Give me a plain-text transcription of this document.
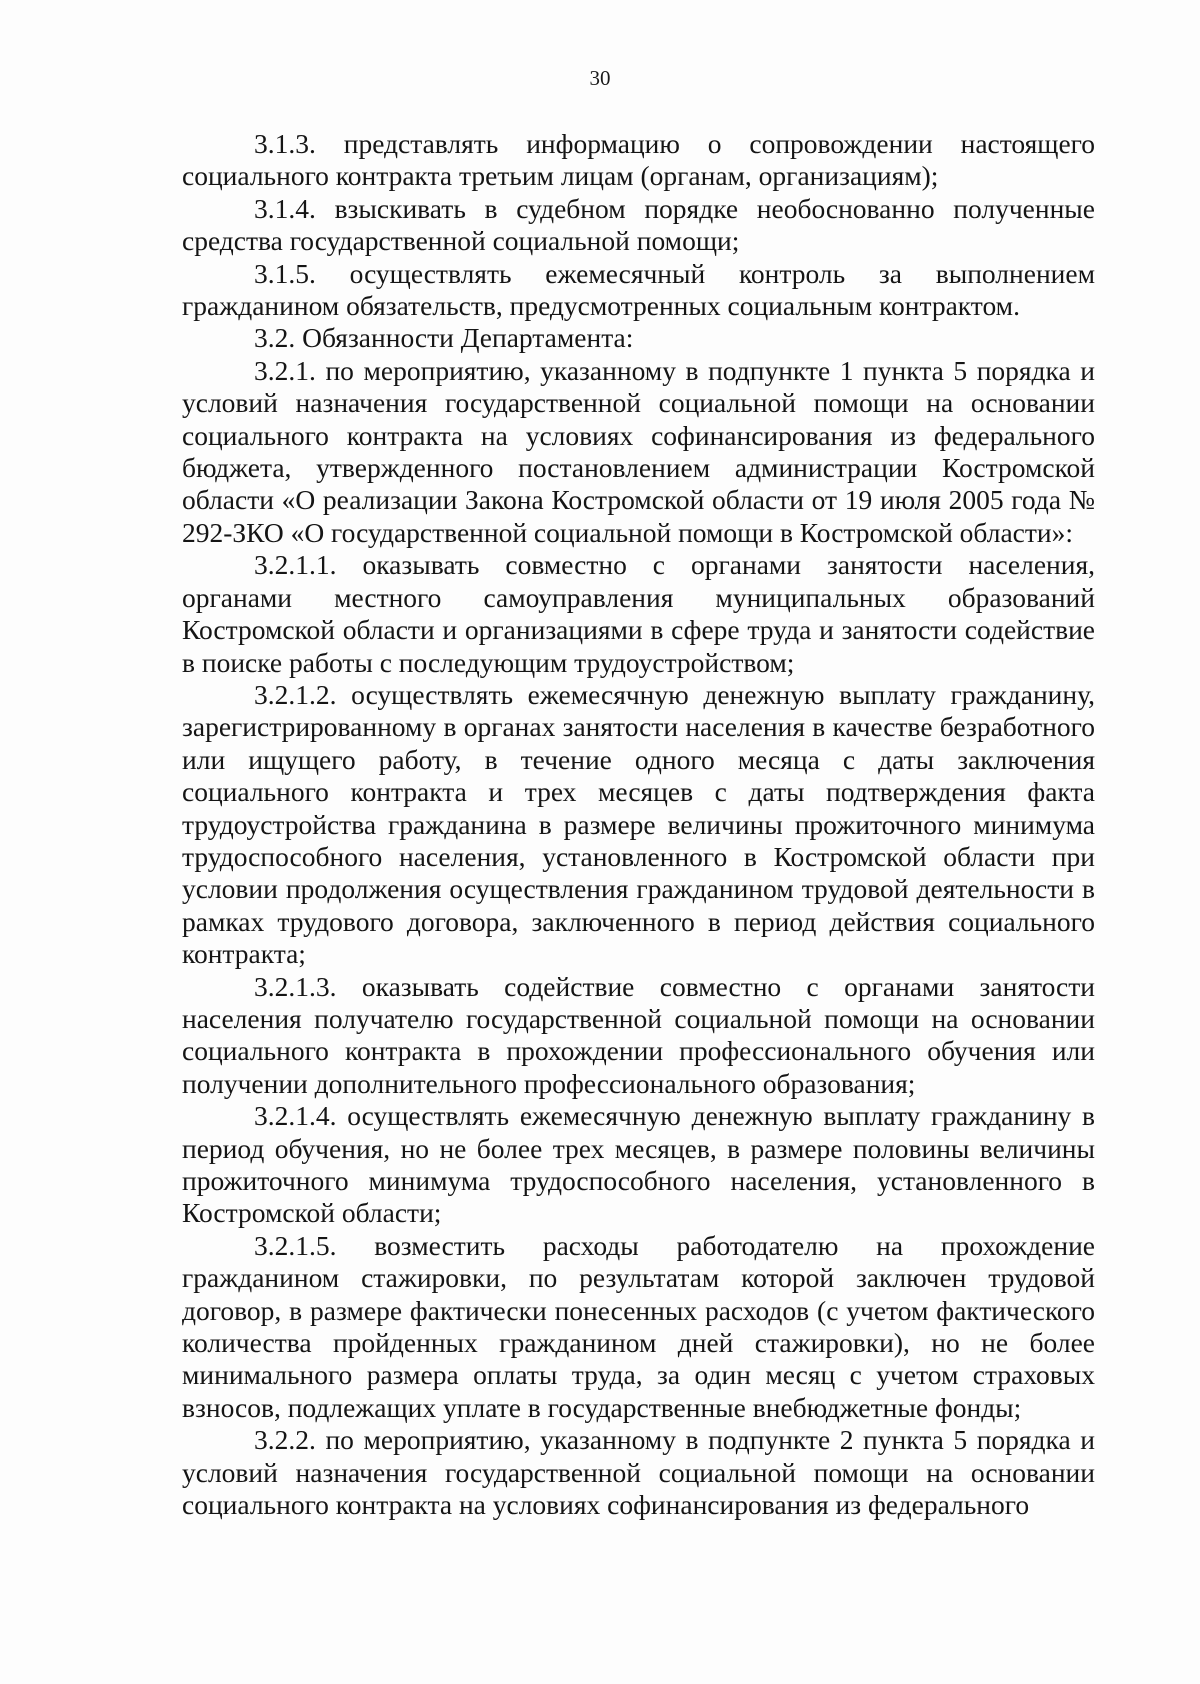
30

3.1.3. представлять информацию о сопровождении настоящего социального контракта третьим лицам (органам, организациям);

3.1.4. взыскивать в судебном порядке необоснованно полученные средства государственной социальной помощи;

3.1.5. осуществлять ежемесячный контроль за выполнением гражданином обязательств, предусмотренных социальным контрактом.

3.2. Обязанности Департамента:

3.2.1. по мероприятию, указанному в подпункте 1 пункта 5 порядка и условий назначения государственной социальной помощи на основании социального контракта на условиях софинансирования из федерального бюджета, утвержденного постановлением администрации Костромской области «О реализации Закона Костромской области от 19 июля 2005 года № 292-ЗКО «О государственной социальной помощи в Костромской области»:

3.2.1.1. оказывать совместно с органами занятости населения, органами местного самоуправления муниципальных образований Костромской области и организациями в сфере труда и занятости содействие в поиске работы с последующим трудоустройством;

3.2.1.2. осуществлять ежемесячную денежную выплату гражданину, зарегистрированному в органах занятости населения в качестве безработного или ищущего работу, в течение одного месяца с даты заключения социального контракта и трех месяцев с даты подтверждения факта трудоустройства гражданина в размере величины прожиточного минимума трудоспособного населения, установленного в Костромской области при условии продолжения осуществления гражданином трудовой деятельности в рамках трудового договора, заключенного в период действия социального контракта;

3.2.1.3. оказывать содействие совместно с органами занятости населения получателю государственной социальной помощи на основании социального контракта в прохождении профессионального обучения или получении дополнительного профессионального образования;

3.2.1.4. осуществлять ежемесячную денежную выплату гражданину в период обучения, но не более трех месяцев, в размере половины величины прожиточного минимума трудоспособного населения, установленного в Костромской области;

3.2.1.5. возместить расходы работодателю на прохождение гражданином стажировки, по результатам которой заключен трудовой договор, в размере фактически понесенных расходов (с учетом фактического количества пройденных гражданином дней стажировки), но не более минимального размера оплаты труда, за один месяц с учетом страховых взносов, подлежащих уплате в государственные внебюджетные фонды;

3.2.2. по мероприятию, указанному в подпункте 2 пункта 5 порядка и условий назначения государственной социальной помощи на основании социального контракта на условиях софинансирования из федерального
